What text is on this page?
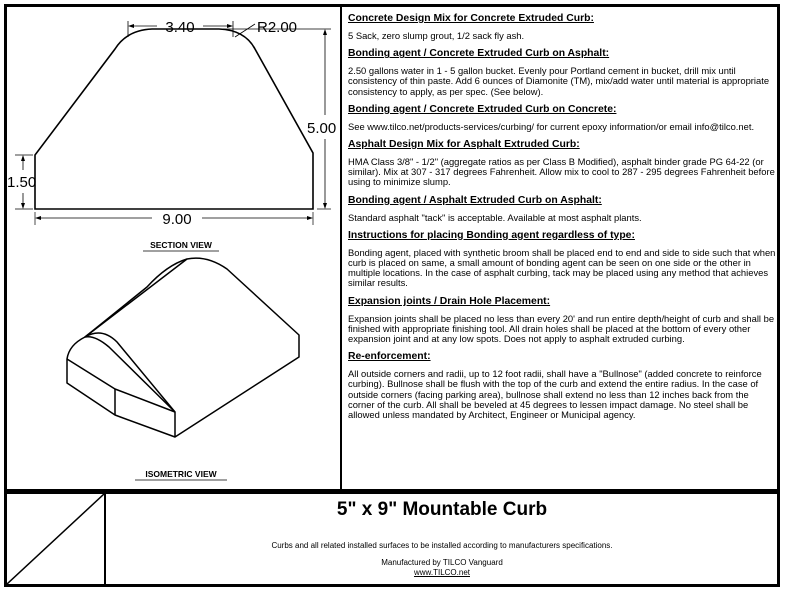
3.40	R2.00
5.00
1.50
9.00
SECTION VIEW
ISOMETRIC VIEW
Concrete Design Mix for Concrete Extruded Curb:

5 Sack, zero slump grout, 1/2 sack fly ash.

Bonding agent / Concrete Extruded Curb on Asphalt:

2.50 gallons water in 1 - 5 gallon bucket. Evenly pour Portland cement in bucket, drill mix until consistency of thin paste. Add 6 ounces of Diamonite (TM), mix/add water until material is appropriate consistency to apply, as per spec. (See below).

Bonding agent / Concrete Extruded Curb on Concrete:

See www.tilco.net/products-services/curbing/ for current epoxy information/or email info@tilco.net.

Asphalt Design Mix for Asphalt Extruded Curb:

HMA Class 3/8" - 1/2" (aggregate ratios as per Class B Modified), asphalt binder grade PG 64-22 (or similar). Mix at 307 - 317 degrees Fahrenheit. Allow mix to cool to 287 - 295 degrees Fahrenheit before using to minimize slump.

Bonding agent / Asphalt Extruded Curb on Asphalt:

Standard asphalt "tack" is acceptable. Available at most asphalt plants.

Instructions for placing Bonding agent regardless of type:

Bonding agent, placed with synthetic broom shall be placed end to end and side to side such that when curb is placed on same, a small amount of bonding agent can be seen on one side or the other in multiple locations. In the case of asphalt curbing, tack may be placed using any method that achieves similar results.

Expansion joints / Drain Hole Placement:

Expansion joints shall be placed no less than every 20' and run entire depth/height of curb and shall be finished with appropriate finishing tool. All drain holes shall be placed at the bottom of every other expansion joint and at any low spots. Does not apply to asphalt extruded curbing.

Re-enforcement:

All outside corners and radii, up to 12 foot radii, shall have a "Bullnose" (added concrete to reinforce curbing). Bullnose shall be flush with the top of the curb and extend the entire radius. In the case of outside corners (facing parking area), bullnose shall extend no less than 12 inches back from the corner of the curb. All shall be beveled at 45 degrees to lessen impact damage. No steel shall be allowed unless mandated by Architect, Engineer or Municipal agency.

5" x 9" Mountable Curb
Curbs and all related installed surfaces to be installed according to manufacturers specifications.
Manufactured by TILCO Vanguard
www.TILCO.net
